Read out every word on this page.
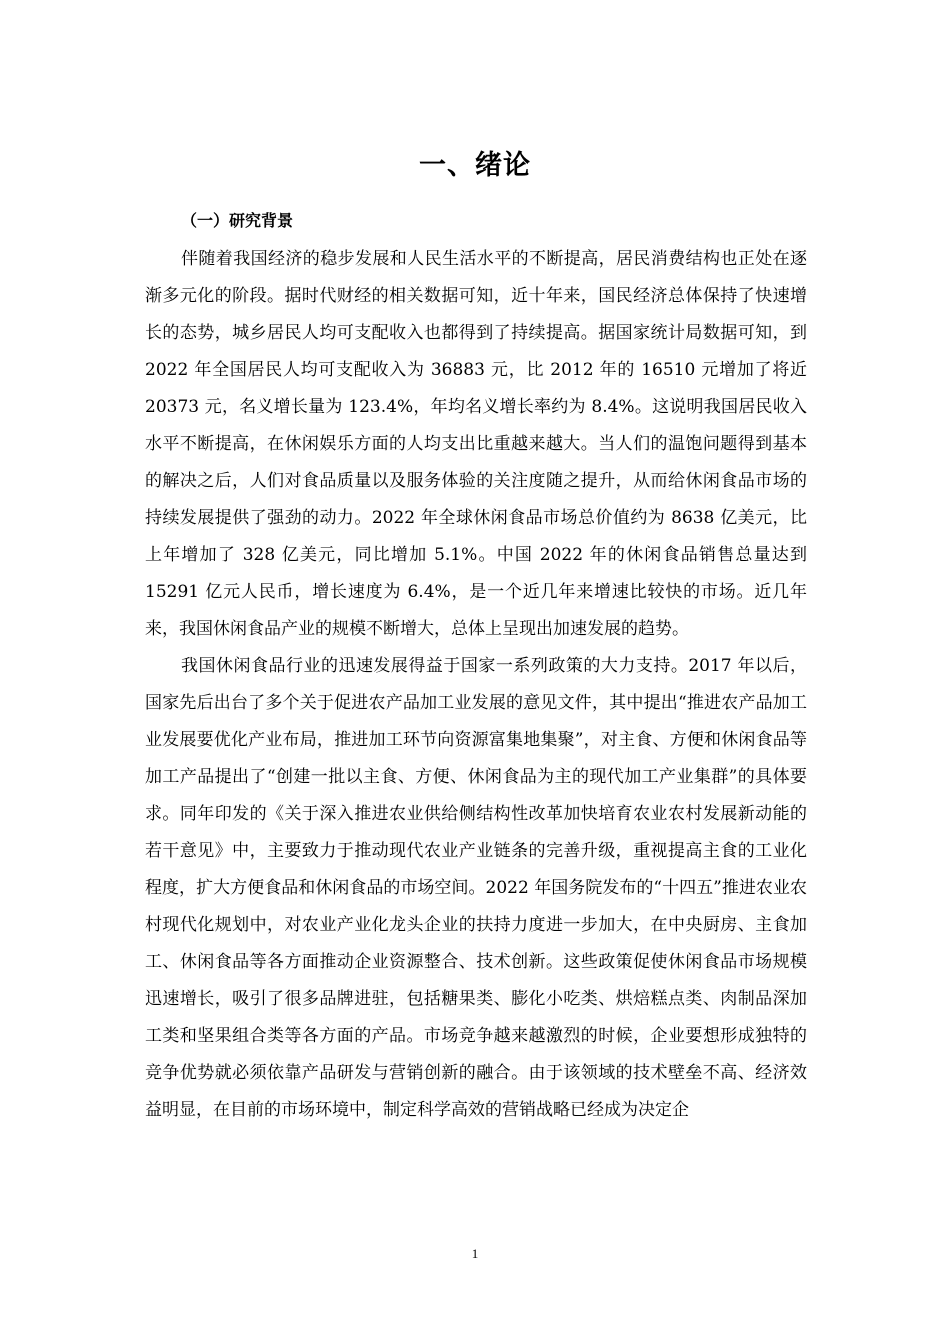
一、绪论
（一）研究背景

伴随着我国经济的稳步发展和人民生活水平的不断提高，居民消费结构也正处在逐渐多元化的阶段。据时代财经的相关数据可知，近十年来，国民经济总体保持了快速增长的态势，城乡居民人均可支配收入也都得到了持续提高。据国家统计局数据可知，到 2022 年全国居民人均可支配收入为 36883 元，比 2012 年的 16510 元增加了将近 20373 元，名义增长量为 123.4%，年均名义增长率约为 8.4%。这说明我国居民收入水平不断提高，在休闲娱乐方面的人均支出比重越来越大。当人们的温饱问题得到基本的解决之后，人们对食品质量以及服务体验的关注度随之提升，从而给休闲食品市场的持续发展提供了强劲的动力。2022 年全球休闲食品市场总价值约为 8638 亿美元，比上年增加了 328 亿美元，同比增加 5.1%。中国 2022 年的休闲食品销售总量达到 15291 亿元人民币，增长速度为 6.4%，是一个近几年来增速比较快的市场。近几年来，我国休闲食品产业的规模不断增大，总体上呈现出加速发展的趋势。

我国休闲食品行业的迅速发展得益于国家一系列政策的大力支持。2017 年以后，国家先后出台了多个关于促进农产品加工业发展的意见文件，其中提出“推进农产品加工业发展要优化产业布局，推进加工环节向资源富集地集聚”，对主食、方便和休闲食品等加工产品提出了“创建一批以主食、方便、休闲食品为主的现代加工产业集群”的具体要求。同年印发的《关于深入推进农业供给侧结构性改革加快培育农业农村发展新动能的若干意见》中，主要致力于推动现代农业产业链条的完善升级，重视提高主食的工业化程度，扩大方便食品和休闲食品的市场空间。2022 年国务院发布的“十四五”推进农业农村现代化规划中，对农业产业化龙头企业的扶持力度进一步加大，在中央厨房、主食加工、休闲食品等各方面推动企业资源整合、技术创新。这些政策促使休闲食品市场规模迅速增长，吸引了很多品牌进驻，包括糖果类、膨化小吃类、烘焙糕点类、肉制品深加工类和坚果组合类等各方面的产品。市场竞争越来越激烈的时候，企业要想形成独特的竞争优势就必须依靠产品研发与营销创新的融合。由于该领域的技术壁垒不高、经济效益明显，在目前的市场环境中，制定科学高效的营销战略已经成为决定企

1
